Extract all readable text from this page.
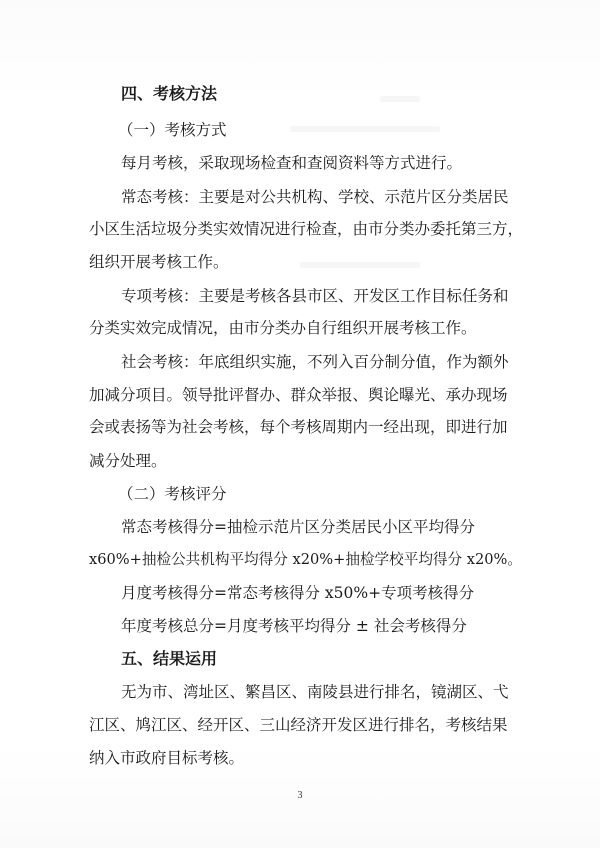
四、考核方法
（一）考核方式
每月考核，采取现场检查和查阅资料等方式进行。
常态考核：主要是对公共机构、学校、示范片区分类居民
小区生活垃圾分类实效情况进行检查，由市分类办委托第三方，
组织开展考核工作。
专项考核：主要是考核各县市区、开发区工作目标任务和
分类实效完成情况，由市分类办自行组织开展考核工作。
社会考核：年底组织实施，不列入百分制分值，作为额外
加减分项目。领导批评督办、群众举报、舆论曝光、承办现场
会或表扬等为社会考核，每个考核周期内一经出现，即进行加
减分处理。
（二）考核评分
常态考核得分=抽检示范片区分类居民小区平均得分
x60%+抽检公共机构平均得分 x20%+抽检学校平均得分 x20%。
月度考核得分=常态考核得分 x50%+专项考核得分
年度考核总分=月度考核平均得分 ± 社会考核得分
五、结果运用
无为市、湾址区、繁昌区、南陵县进行排名，镜湖区、弋
江区、鸠江区、经开区、三山经济开发区进行排名，考核结果
纳入市政府目标考核。
3
